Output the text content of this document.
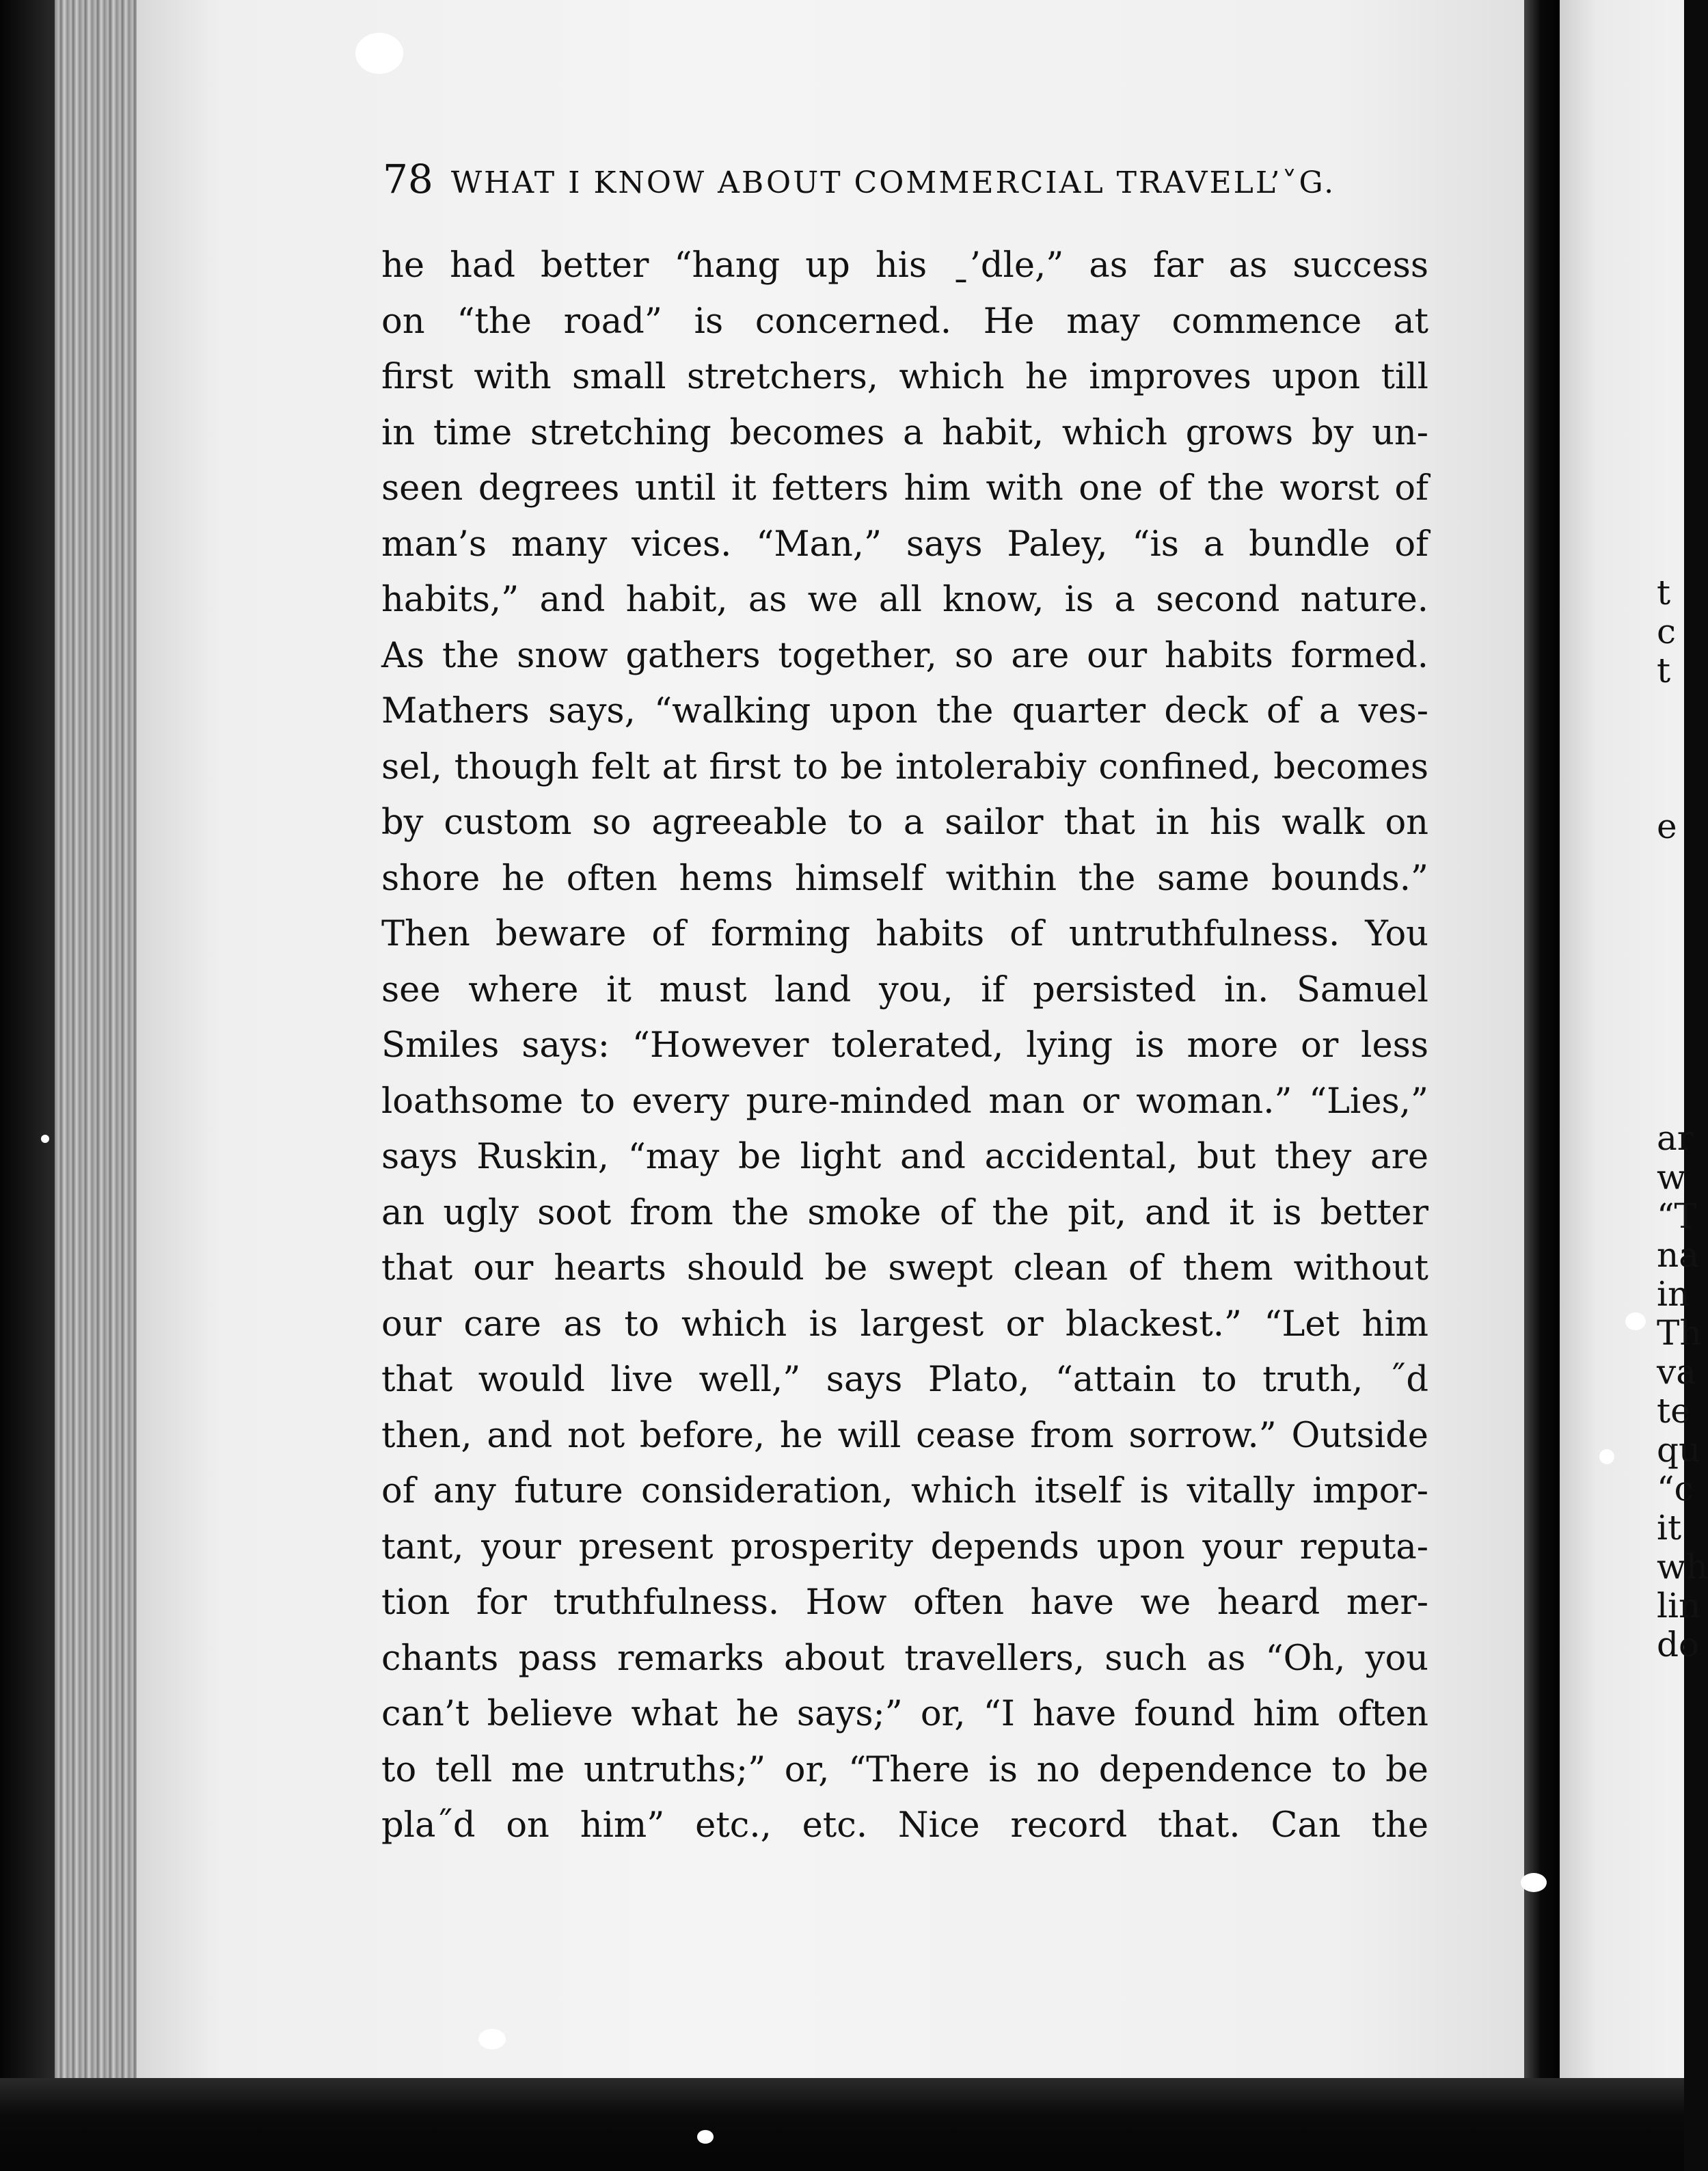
78 WHAT I KNOW ABOUT COMMERCIAL TRAVELL’˅G.
he had better “hang up his ˍ’dle,” as far as success
on “the road” is concerned. He may commence at
first with small stretchers, which he improves upon till
in time stretching becomes a habit, which grows by un-
seen degrees until it fetters him with one of the worst of
man’s many vices. “Man,” says Paley, “is a bundle of
habits,” and habit, as we all know, is a second nature.
As the snow gathers together, so are our habits formed.
Mathers says, “walking upon the quarter deck of a ves-
sel, though felt at first to be intolerabiy confined, becomes
by custom so agreeable to a sailor that in his walk on
shore he often hems himself within the same bounds.”
Then beware of forming habits of untruthfulness. You
see where it must land you, if persisted in. Samuel
Smiles says: “However tolerated, lying is more or less
loathsome to every pure-minded man or woman.” “Lies,”
says Ruskin, “may be light and accidental, but they are
an ugly soot from the smoke of the pit, and it is better
that our hearts should be swept clean of them without
our care as to which is largest or blackest.” “Let him
that would live well,” says Plato, “attain to truth, ˝d
then, and not before, he will cease from sorrow.” Outside
of any future consideration, which itself is vitally impor-
tant, your present prosperity depends upon your reputa-
tion for truthfulness. How often have we heard mer-
chants pass remarks about travellers, such as “Oh, you
can’t believe what he says;” or, “I have found him often
to tell me untruths;” or, “There is no dependence to be
pla˝d on him” etc., etc. Nice record that. Can the
t
c
t
e
ar
w
“T
na
in
Th
va
te
qu
“c
it
wh
lin
do
